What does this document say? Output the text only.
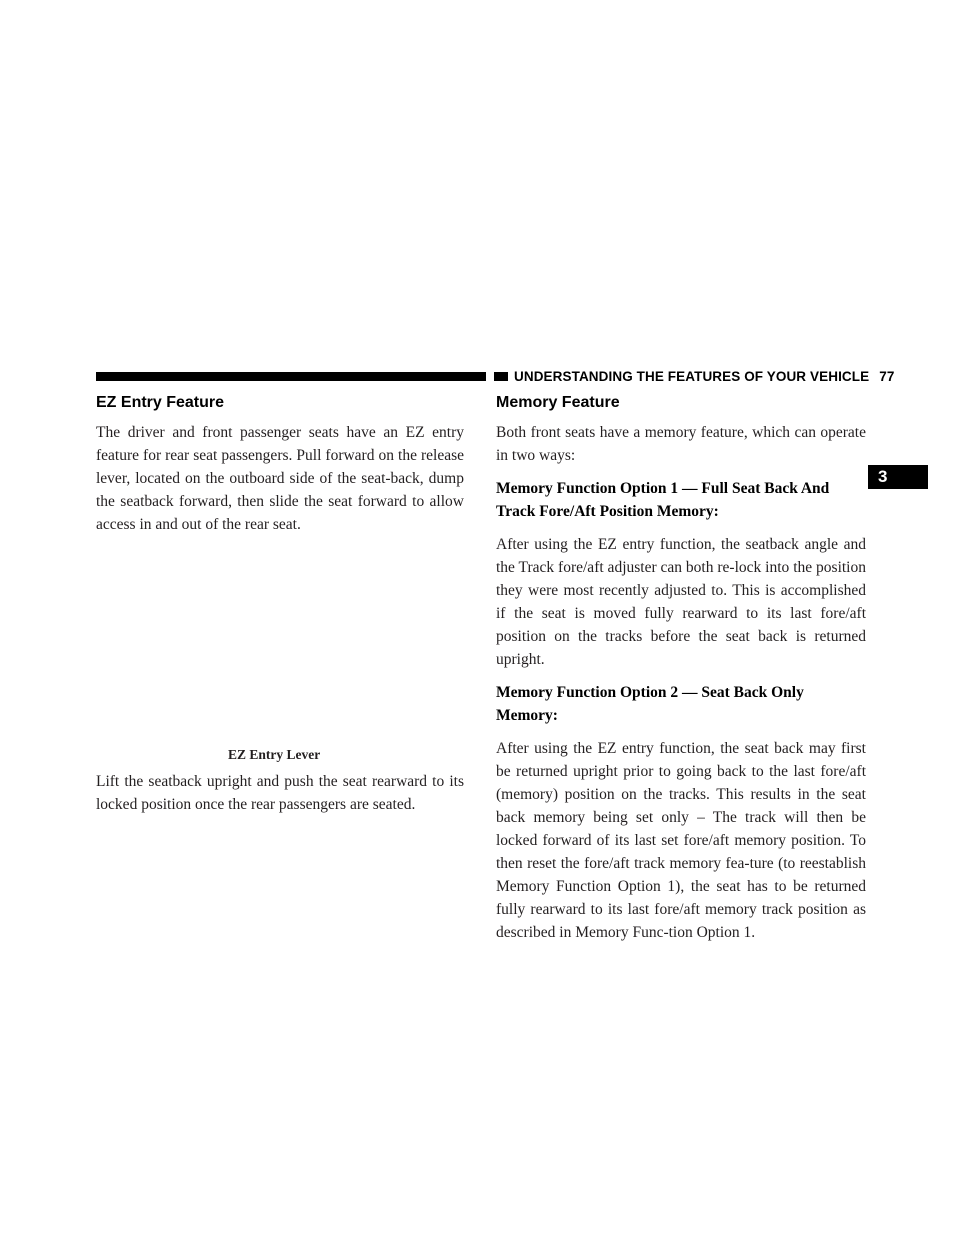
UNDERSTANDING THE FEATURES OF YOUR VEHICLE 77
3
EZ Entry Feature

The driver and front passenger seats have an EZ entry feature for rear seat passengers. Pull forward on the release lever, located on the outboard side of the seat-back, dump the seatback forward, then slide the seat forward to allow access in and out of the rear seat.

EZ Entry Lever

Lift the seatback upright and push the seat rearward to its locked position once the rear passengers are seated.

Memory Feature

Both front seats have a memory feature, which can operate in two ways:

Memory Function Option 1 — Full Seat Back And Track Fore/Aft Position Memory:

After using the EZ entry function, the seatback angle and the Track fore/aft adjuster can both re-lock into the position they were most recently adjusted to. This is accomplished if the seat is moved fully rearward to its last fore/aft position on the tracks before the seat back is returned upright.

Memory Function Option 2 — Seat Back Only Memory:

After using the EZ entry function, the seat back may first be returned upright prior to going back to the last fore/aft (memory) position on the tracks. This results in the seat back memory being set only – The track will then be locked forward of its last set fore/aft memory position. To then reset the fore/aft track memory fea-ture (to reestablish Memory Function Option 1), the seat has to be returned fully rearward to its last fore/aft memory track position as described in Memory Func-tion Option 1.
